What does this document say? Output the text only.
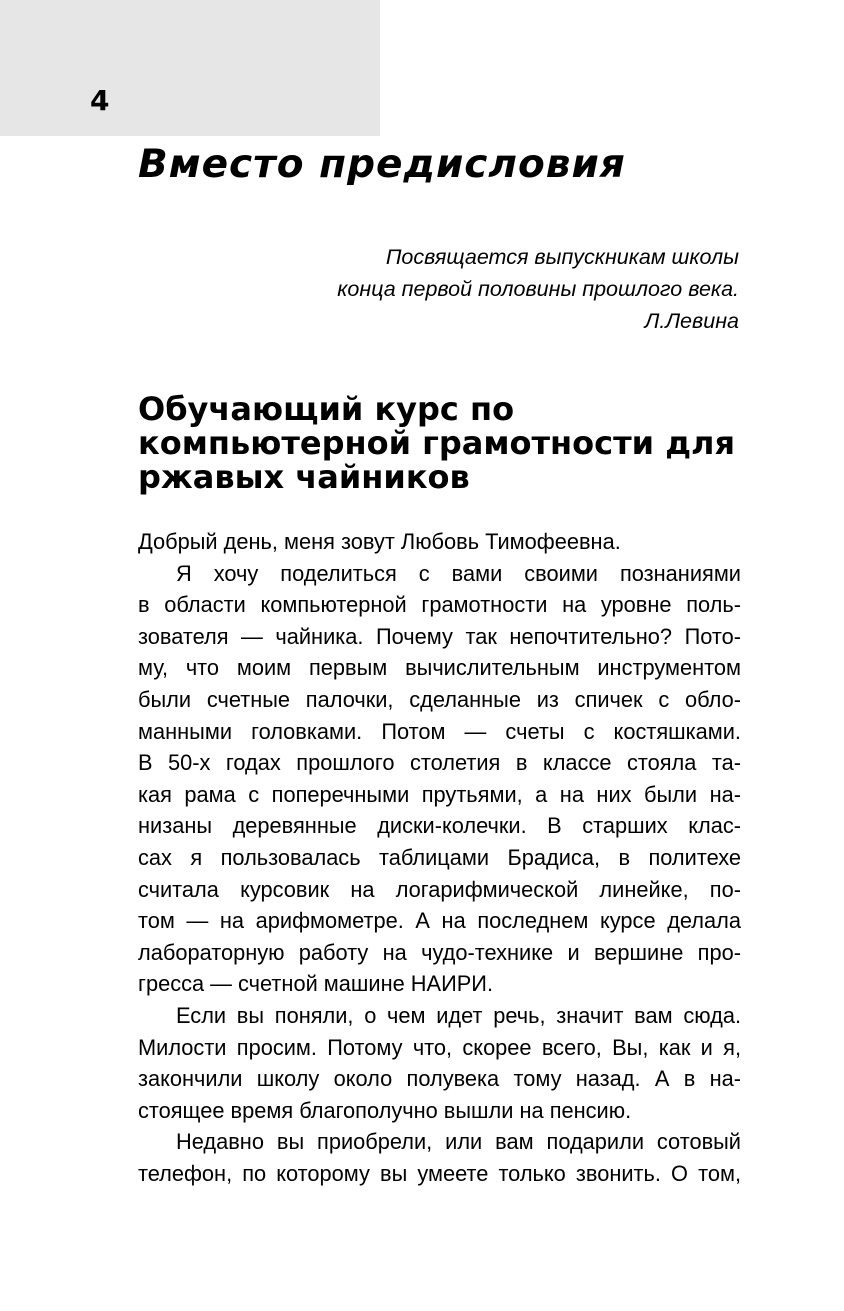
4
Вместо предисловия
Посвящается выпускникам школы
конца первой половины прошлого века.
Л.Левина
Обучающий курс по
компьютерной грамотности для
ржавых чайников
Добрый день, меня зовут Любовь Тимофеевна.
Я хочу поделиться с вами своими познаниями
в области компьютерной грамотности на уровне поль-
зователя — чайника. Почему так непочтительно? Пото-
му, что моим первым вычислительным инструментом
были счетные палочки, сделанные из спичек с обло-
манными головками. Потом — счеты с костяшками.
В 50-х годах прошлого столетия в классе стояла та-
кая рама с поперечными прутьями, а на них были на-
низаны деревянные диски-колечки. В старших клас-
сах я пользовалась таблицами Брадиса, в политехе
считала курсовик на логарифмической линейке, по-
том — на арифмометре. А на последнем курсе делала
лабораторную работу на чудо-технике и вершине про-
гресса — счетной машине НАИРИ.
Если вы поняли, о чем идет речь, значит вам сюда.
Милости просим. Потому что, скорее всего, Вы, как и я,
закончили школу около полувека тому назад. А в на-
стоящее время благополучно вышли на пенсию.
Недавно вы приобрели, или вам подарили сотовый
телефон, по которому вы умеете только звонить. О том,
